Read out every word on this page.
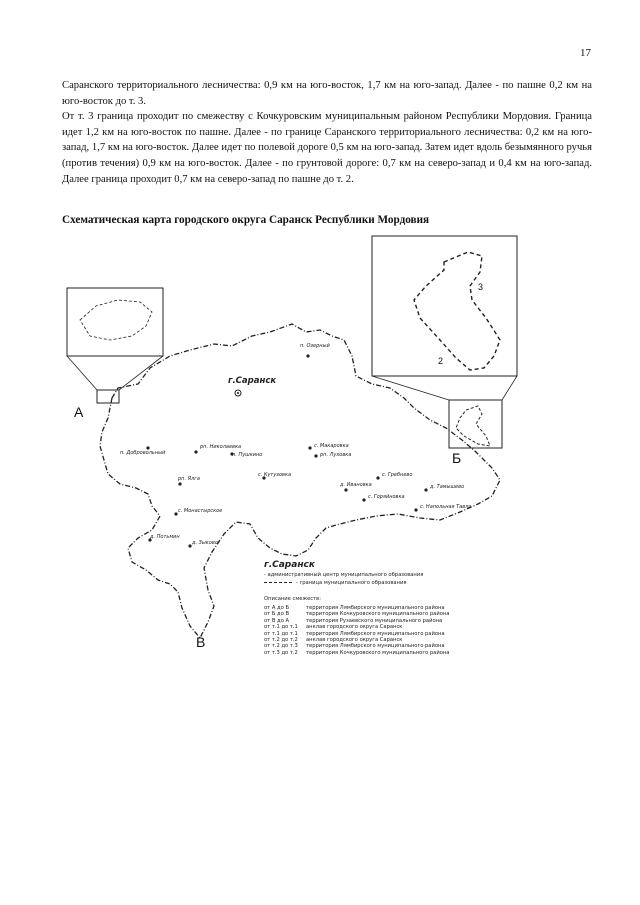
17

Саранского территориального лесничества: 0,9 км на юго-восток, 1,7 км на юго-запад. Далее - по пашне 0,2 км на юго-восток до т. 3.

От т. 3 граница проходит по смежеству с Кочкуровским муниципальным районом Республики Мордовия. Граница идет 1,2 км на юго-восток по пашне. Далее - по границе Саранского территориального лесничества: 0,2 км на юго-запад, 1,7 км на юго-восток. Далее идет по полевой дороге 0,5 км на юго-запад. Затем идет вдоль безымянного ручья (против течения) 0,9 км на юго-восток. Далее - по грунтовой дороге: 0,7 км на северо-запад и 0,4 км на юго-запад. Далее граница проходит 0,7 км на северо-запад по пашне до т. 2.

Схематическая карта городского округа Саранск Республики Мордовия
г.Саранск
п. Озерный
п. Добровольный
рп. Николаевка
п. Пушкино
с. Макаровка
рп. Луховка
с. Кутузовка
рп. Ялга
с. Гребнево
д. Ивановка	д. Тамышево
с. Горяйновка
с. Напольная Тавла
с. Монастырское
д. Потьмин
д. Зыково
А
Б
В
2
3
г.Саранск
- административный центр муниципального образования
- граница муниципального образования
Описание смежеств:
от А до Б	территория Лямбирского муниципального района
от Б до В	территория Кочкуровского муниципального района
от В до А	территория Рузаевского муниципального района
от т.1 до т.1	анклав городского округа Саранск
от т.1 до т.1	территория Лямбирского муниципального района
от т.2 до т.2	анклав городского округа Саранск
от т.2 до т.3	территория Лямбирского муниципального района
от т.3 до т.2	территория Кочкуровского муниципального района
